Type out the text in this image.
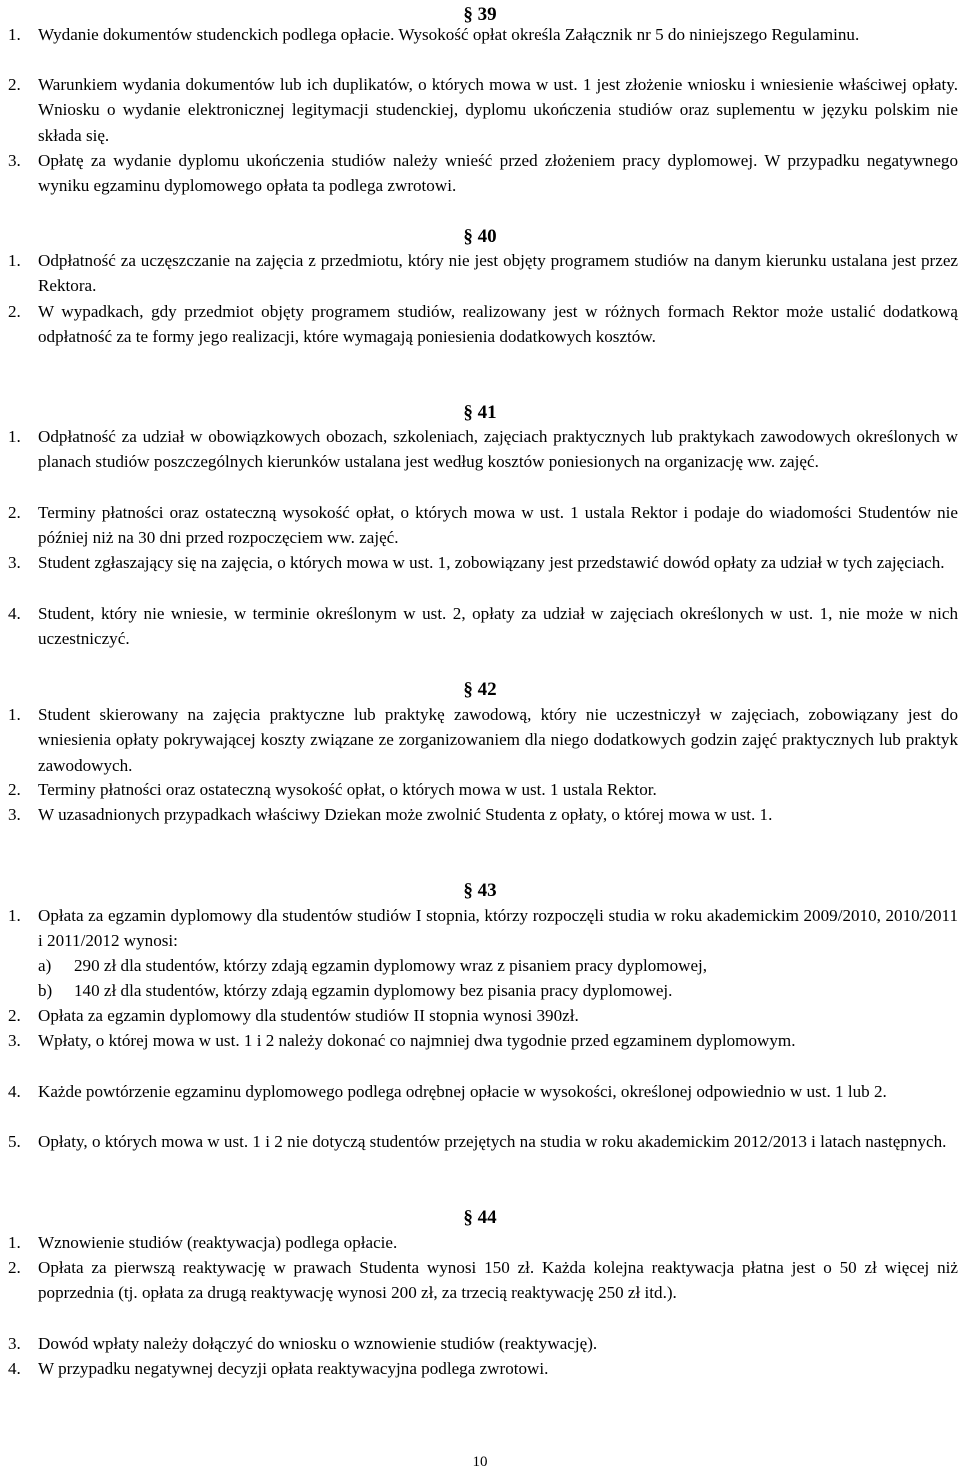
§ 39
1. Wydanie dokumentów studenckich podlega opłacie. Wysokość opłat określa Załącznik nr 5 do niniejszego Regulaminu.
2. Warunkiem wydania dokumentów lub ich duplikatów, o których mowa w ust. 1 jest złożenie wniosku i wniesienie właściwej opłaty. Wniosku o wydanie elektronicznej legitymacji studenckiej, dyplomu ukończenia studiów oraz suplementu w języku polskim nie składa się.
3. Opłatę za wydanie dyplomu ukończenia studiów należy wnieść przed złożeniem pracy dyplomowej. W przypadku negatywnego wyniku egzaminu dyplomowego opłata ta podlega zwrotowi.
§ 40
1. Odpłatność za uczęszczanie na zajęcia z przedmiotu, który nie jest objęty programem studiów na danym kierunku ustalana jest przez Rektora.
2. W wypadkach, gdy przedmiot objęty programem studiów, realizowany jest w różnych formach Rektor może ustalić dodatkową odpłatność za te formy jego realizacji, które wymagają poniesienia dodatkowych kosztów.
§ 41
1. Odpłatność za udział w obowiązkowych obozach, szkoleniach, zajęciach praktycznych lub praktykach zawodowych określonych w planach studiów poszczególnych kierunków ustalana jest według kosztów poniesionych na organizację ww. zajęć.
2. Terminy płatności oraz ostateczną wysokość opłat, o których mowa w ust. 1 ustala Rektor i podaje do wiadomości Studentów nie później niż na 30 dni przed rozpoczęciem ww. zajęć.
3. Student zgłaszający się na zajęcia, o których mowa w ust. 1, zobowiązany jest przedstawić dowód opłaty za udział w tych zajęciach.
4. Student, który nie wniesie, w terminie określonym w ust. 2, opłaty za udział w zajęciach określonych w ust. 1, nie może w nich uczestniczyć.
§ 42
1. Student skierowany na zajęcia praktyczne lub praktykę zawodową, który nie uczestniczył w zajęciach, zobowiązany jest do wniesienia opłaty pokrywającej koszty związane ze zorganizowaniem dla niego dodatkowych godzin zajęć praktycznych lub praktyk zawodowych.
2. Terminy płatności oraz ostateczną wysokość opłat, o których mowa w ust. 1 ustala Rektor.
3. W uzasadnionych przypadkach właściwy Dziekan może zwolnić Studenta z opłaty, o której mowa w ust. 1.
§ 43
1. Opłata za egzamin dyplomowy dla studentów studiów I stopnia, którzy rozpoczęli studia w roku akademickim 2009/2010, 2010/2011 i 2011/2012 wynosi:
a) 290 zł dla studentów, którzy zdają egzamin dyplomowy wraz z pisaniem pracy dyplomowej,
b) 140 zł dla studentów, którzy zdają egzamin dyplomowy bez pisania pracy dyplomowej.
2. Opłata za egzamin dyplomowy dla studentów studiów II stopnia wynosi 390zł.
3. Wpłaty, o której mowa w ust. 1 i 2 należy dokonać co najmniej dwa tygodnie przed egzaminem dyplomowym.
4. Każde powtórzenie egzaminu dyplomowego podlega odrębnej opłacie w wysokości, określonej odpowiednio w ust. 1 lub 2.
5. Opłaty, o których mowa w ust. 1 i 2 nie dotyczą studentów przejętych na studia w roku akademickim 2012/2013 i latach następnych.
§ 44
1. Wznowienie studiów (reaktywacja) podlega opłacie.
2. Opłata za pierwszą reaktywację w prawach Studenta wynosi 150 zł. Każda kolejna reaktywacja płatna jest o 50 zł więcej niż poprzednia (tj. opłata za drugą reaktywację wynosi 200 zł, za trzecią reaktywację 250 zł itd.).
3. Dowód wpłaty należy dołączyć do wniosku o wznowienie studiów (reaktywację).
4. W przypadku negatywnej decyzji opłata reaktywacyjna podlega zwrotowi.
10
